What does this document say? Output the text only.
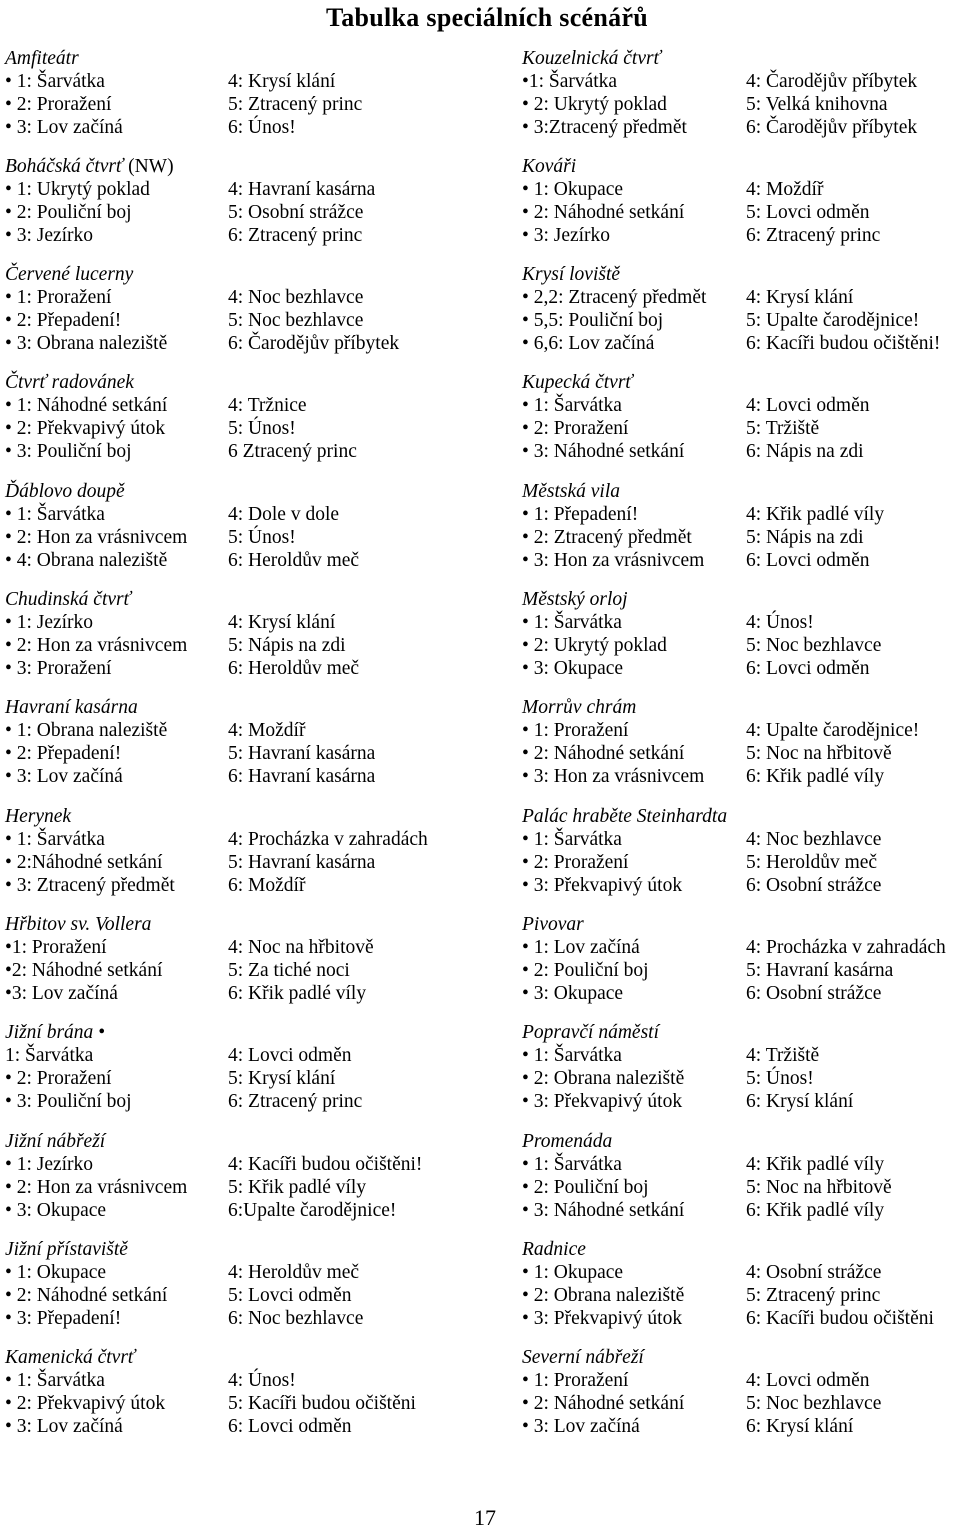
Tabulka speciálních scénářů
Amfiteátr
• 1: Šarvátka	4: Krysí klání
• 2: Proražení	5: Ztracený princ
• 3: Lov začíná	6: Únos!
Boháčská čtvrť (NW)
• 1: Ukrytý poklad	4: Havraní kasárna
• 2: Pouliční boj	5: Osobní strážce
• 3: Jezírko	6: Ztracený princ
Červené lucerny
• 1: Proražení	4: Noc bezhlavce
• 2: Přepadení!	5: Noc bezhlavce
• 3: Obrana naleziště	6: Čarodějův příbytek
Čtvrť radovánek
• 1: Náhodné setkání	4: Tržnice
• 2: Překvapivý útok	5: Únos!
• 3: Pouliční boj	6 Ztracený princ
Ďáblovo doupě
• 1: Šarvátka	4: Dole v dole
• 2: Hon za vrásnivcem 5: Únos!
• 4: Obrana naleziště	6: Heroldův meč
Chudinská čtvrť
• 1: Jezírko	4: Krysí klání
• 2: Hon za vrásnivcem 5: Nápis na zdi
• 3: Proražení	6: Heroldův meč
Havraní kasárna
• 1: Obrana naleziště	4: Moždíř
• 2: Přepadení!	5: Havraní kasárna
• 3: Lov začíná	6: Havraní kasárna
Herynek
• 1: Šarvátka	4: Procházka v zahradách
• 2:Náhodné setkání	5: Havraní kasárna
• 3: Ztracený předmět	6: Moždíř
Hřbitov sv. Vollera
•1: Proražení	4: Noc na hřbitově
•2: Náhodné setkání	5: Za tiché noci
•3: Lov začíná	6: Křik padlé víly
Jižní brána •
1: Šarvátka	4: Lovci odměn
• 2: Proražení	5: Krysí klání
• 3: Pouliční boj	6: Ztracený princ
Jižní nábřeží
• 1: Jezírko	4: Kacíři budou očištěni!
• 2: Hon za vrásnivcem 5: Křik padlé víly
• 3: Okupace	6:Upalte čarodějnice!
Jižní přístaviště
• 1: Okupace	4: Heroldův meč
• 2: Náhodné setkání	5: Lovci odměn
• 3: Přepadení!	6: Noc bezhlavce
Kamenická čtvrť
• 1: Šarvátka	4: Únos!
• 2: Překvapivý útok	5: Kacíři budou očištěni
• 3: Lov začíná	6: Lovci odměn
Kouzelnická čtvrť
•1: Šarvátka	4: Čarodějův příbytek
• 2: Ukrytý poklad	5: Velká knihovna
• 3:Ztracený předmět	6: Čarodějův příbytek
Kováři
• 1: Okupace	4: Moždíř
• 2: Náhodné setkání	5: Lovci odměn
• 3: Jezírko	6: Ztracený princ
Krysí loviště
• 2,2: Ztracený předmět 4: Krysí klání
• 5,5: Pouliční boj	5: Upalte čarodějnice!
• 6,6: Lov začíná	6: Kacíři budou očištěni!
Kupecká čtvrť
• 1: Šarvátka	4: Lovci odměn
• 2: Proražení	5: Tržiště
• 3: Náhodné setkání	6: Nápis na zdi
Městská vila
• 1: Přepadení!	4: Křik padlé víly
• 2: Ztracený předmět	5: Nápis na zdi
• 3: Hon za vrásnivcem 6: Lovci odměn
Městský orloj
• 1: Šarvátka	4: Únos!
• 2: Ukrytý poklad	5: Noc bezhlavce
• 3: Okupace	6: Lovci odměn
Morrův chrám
• 1: Proražení	4: Upalte čarodějnice!
• 2: Náhodné setkání	5: Noc na hřbitově
• 3: Hon za vrásnivcem 6: Křik padlé víly
Palác hraběte Steinhardta
• 1: Šarvátka	4: Noc bezhlavce
• 2: Proražení	5: Heroldův meč
• 3: Překvapivý útok	6: Osobní strážce
Pivovar
• 1: Lov začíná	4: Procházka v zahradách
• 2: Pouliční boj	5: Havraní kasárna
• 3: Okupace	6: Osobní strážce
Popravčí náměstí
• 1: Šarvátka	4: Tržiště
• 2: Obrana naleziště	5: Únos!
• 3: Překvapivý útok	6: Krysí klání
Promenáda
• 1: Šarvátka	4: Křik padlé víly
• 2: Pouliční boj	5: Noc na hřbitově
• 3: Náhodné setkání	6: Křik padlé víly
Radnice
• 1: Okupace	4: Osobní strážce
• 2: Obrana naleziště	5: Ztracený princ
• 3: Překvapivý útok	6: Kacíři budou očištěni
Severní nábřeží
• 1: Proražení	4: Lovci odměn
• 2: Náhodné setkání	5: Noc bezhlavce
• 3: Lov začíná	6: Krysí klání
17
